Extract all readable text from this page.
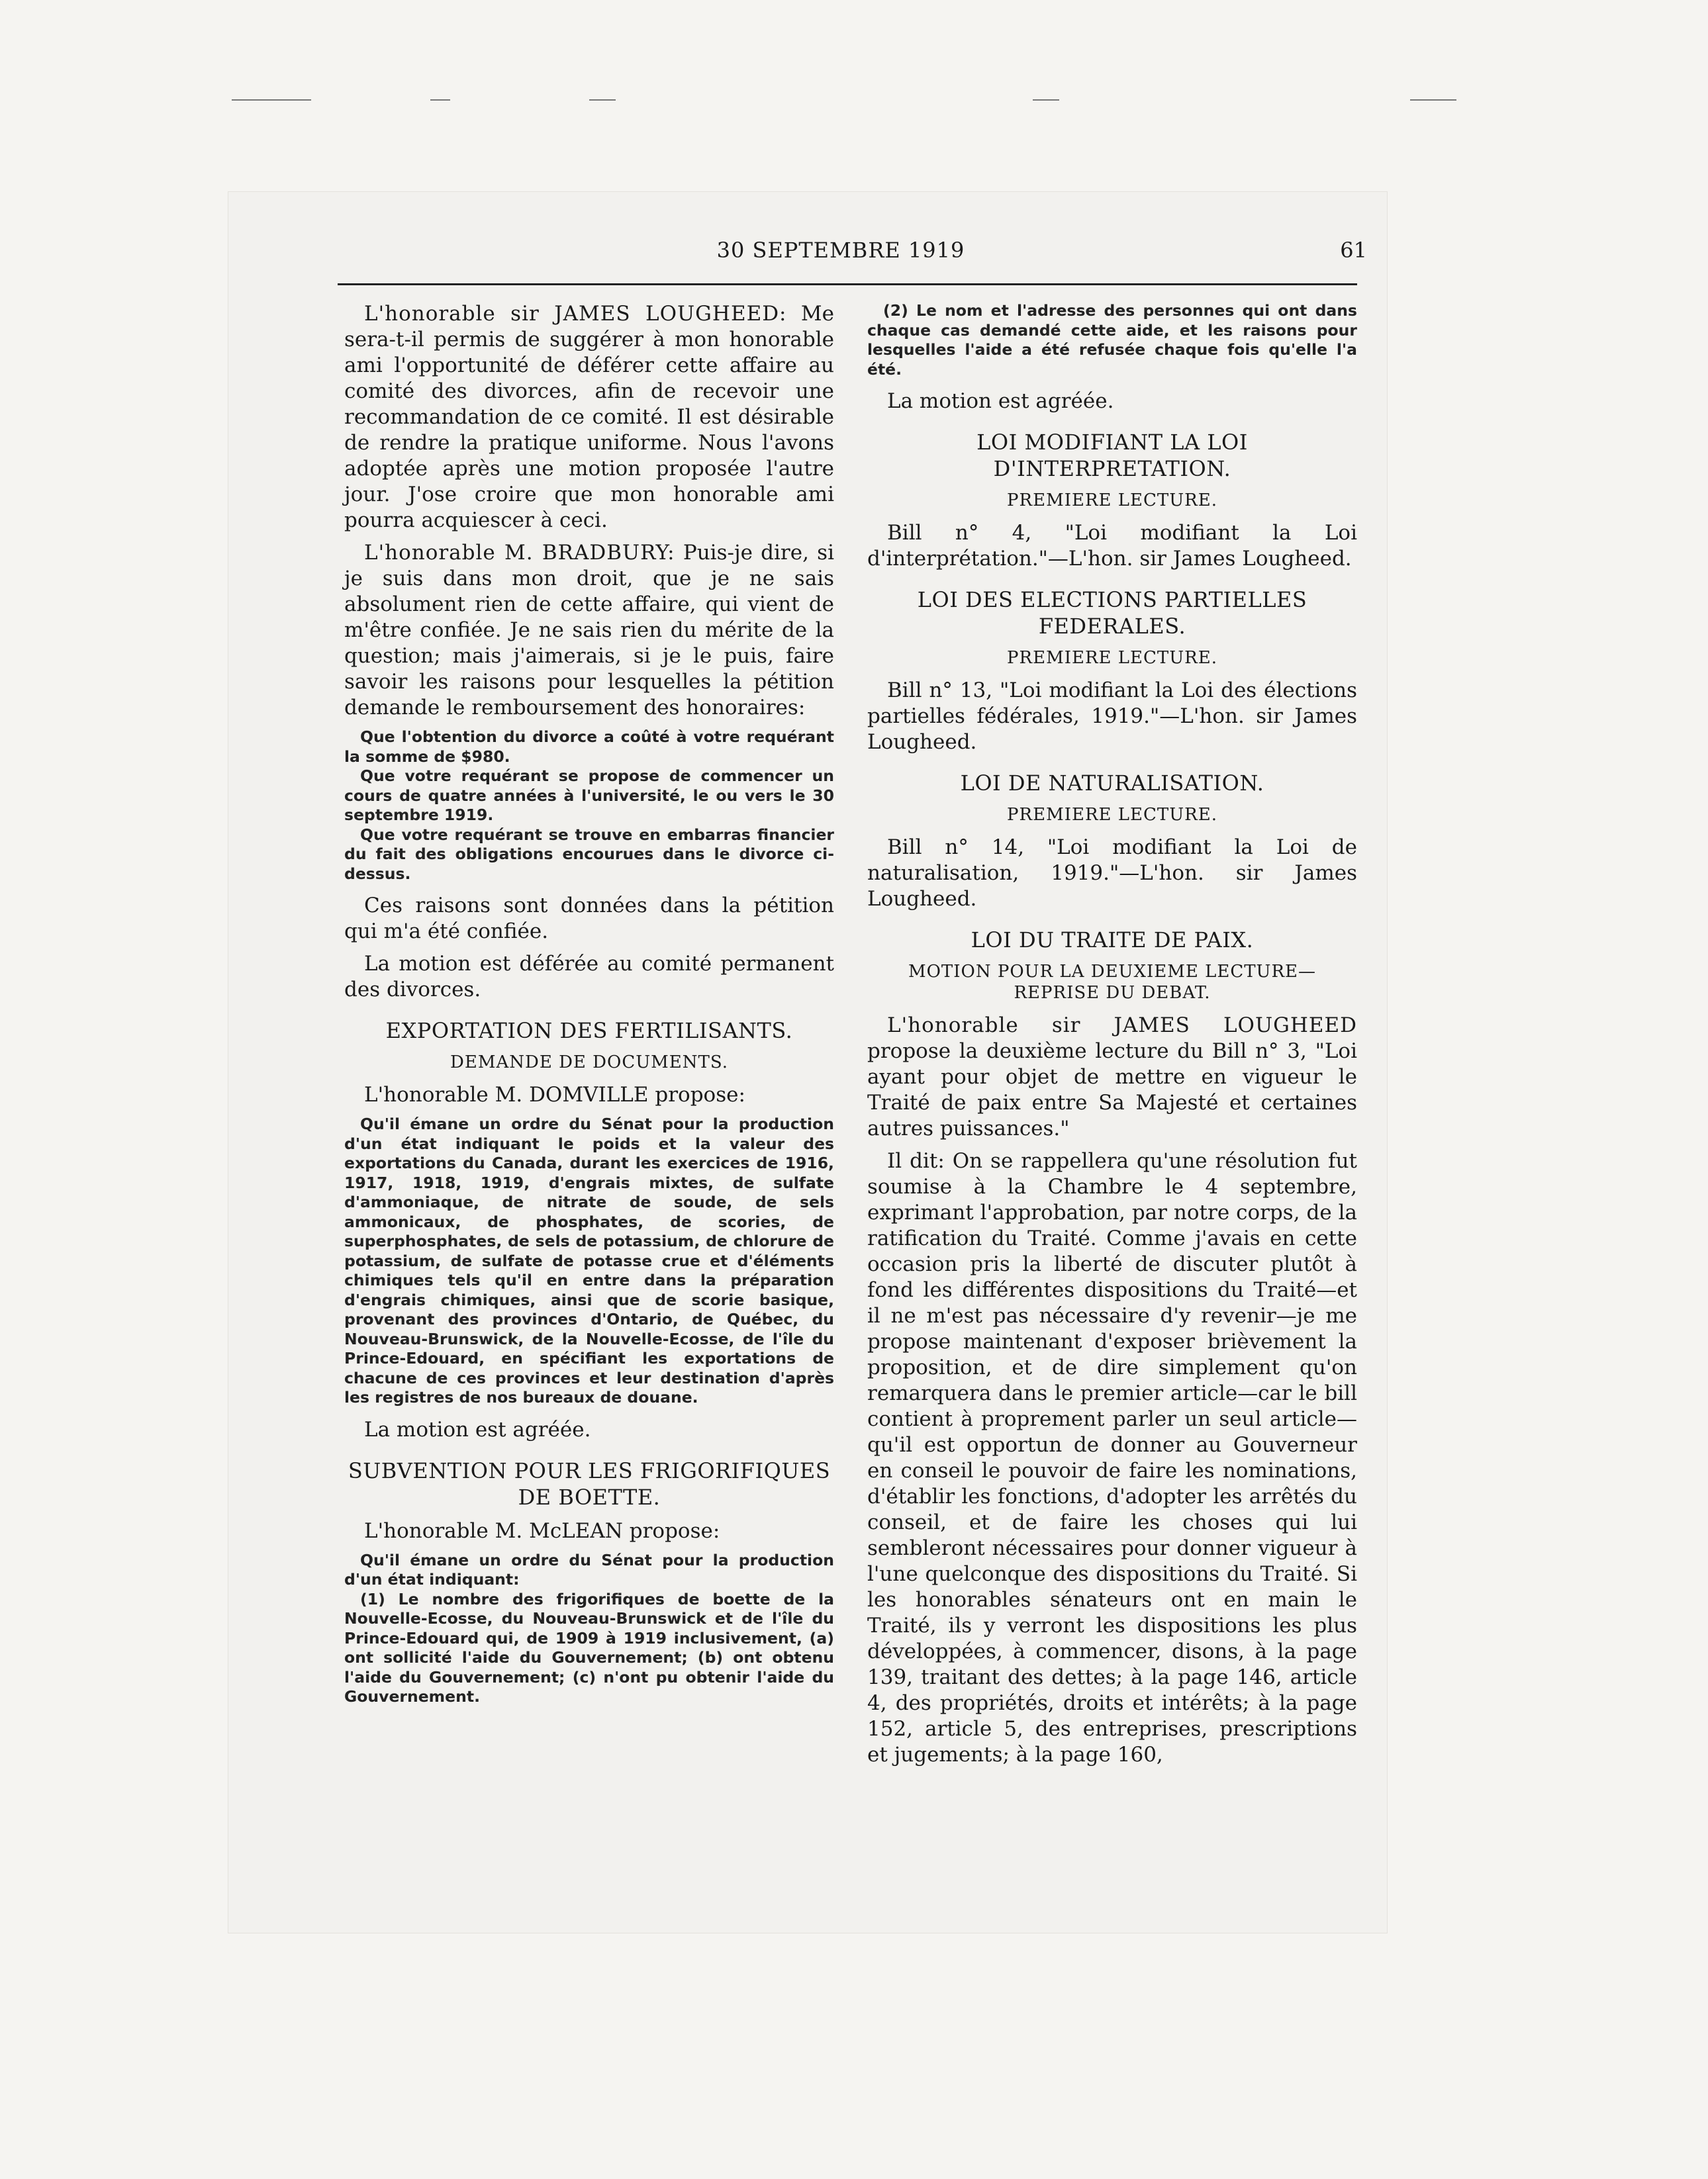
30 SEPTEMBRE 1919	61

L'honorable sir JAMES LOUGHEED: Me sera-t-il permis de suggérer à mon honorable ami l'opportunité de déférer cette affaire au comité des divorces, afin de recevoir une recommandation de ce comité. Il est désirable de rendre la pratique uniforme. Nous l'avons adoptée après une motion proposée l'autre jour. J'ose croire que mon honorable ami pourra acquiescer à ceci.

L'honorable M. BRADBURY: Puis-je dire, si je suis dans mon droit, que je ne sais absolument rien de cette affaire, qui vient de m'être confiée. Je ne sais rien du mérite de la question; mais j'aimerais, si je le puis, faire savoir les raisons pour lesquelles la pétition demande le remboursement des honoraires:

Que l'obtention du divorce a coûté à votre requérant la somme de $980.

Que votre requérant se propose de commencer un cours de quatre années à l'université, le ou vers le 30 septembre 1919.

Que votre requérant se trouve en embarras financier du fait des obligations encourues dans le divorce ci-dessus.

Ces raisons sont données dans la pétition qui m'a été confiée.

La motion est déférée au comité permanent des divorces.

EXPORTATION DES FERTILISANTS.

DEMANDE DE DOCUMENTS.

L'honorable M. DOMVILLE propose:

Qu'il émane un ordre du Sénat pour la production d'un état indiquant le poids et la valeur des exportations du Canada, durant les exercices de 1916, 1917, 1918, 1919, d'engrais mixtes, de sulfate d'ammoniaque, de nitrate de soude, de sels ammonicaux, de phosphates, de scories, de superphosphates, de sels de potassium, de chlorure de potassium, de sulfate de potasse crue et d'éléments chimiques tels qu'il en entre dans la préparation d'engrais chimiques, ainsi que de scorie basique, provenant des provinces d'Ontario, de Québec, du Nouveau-Brunswick, de la Nouvelle-Ecosse, de l'île du Prince-Edouard, en spécifiant les exportations de chacune de ces provinces et leur destination d'après les registres de nos bureaux de douane.

La motion est agréée.

SUBVENTION POUR LES FRIGORIFIQUES DE BOETTE.

L'honorable M. McLEAN propose:

Qu'il émane un ordre du Sénat pour la production d'un état indiquant:

(1) Le nombre des frigorifiques de boette de la Nouvelle-Ecosse, du Nouveau-Brunswick et de l'île du Prince-Edouard qui, de 1909 à 1919 inclusivement, (a) ont sollicité l'aide du Gouvernement; (b) ont obtenu l'aide du Gouvernement; (c) n'ont pu obtenir l'aide du Gouvernement.

(2) Le nom et l'adresse des personnes qui ont dans chaque cas demandé cette aide, et les raisons pour lesquelles l'aide a été refusée chaque fois qu'elle l'a été.

La motion est agréée.

LOI MODIFIANT LA LOI D'INTERPRETATION.

PREMIERE LECTURE.

Bill n° 4, "Loi modifiant la Loi d'interprétation."—L'hon. sir James Lougheed.

LOI DES ELECTIONS PARTIELLES FEDERALES.

PREMIERE LECTURE.

Bill n° 13, "Loi modifiant la Loi des élections partielles fédérales, 1919."—L'hon. sir James Lougheed.

LOI DE NATURALISATION.

PREMIERE LECTURE.

Bill n° 14, "Loi modifiant la Loi de naturalisation, 1919."—L'hon. sir James Lougheed.

LOI DU TRAITE DE PAIX.

MOTION POUR LA DEUXIEME LECTURE— REPRISE DU DEBAT.

L'honorable sir JAMES LOUGHEED propose la deuxième lecture du Bill n° 3, "Loi ayant pour objet de mettre en vigueur le Traité de paix entre Sa Majesté et certaines autres puissances."

Il dit: On se rappellera qu'une résolution fut soumise à la Chambre le 4 septembre, exprimant l'approbation, par notre corps, de la ratification du Traité. Comme j'avais en cette occasion pris la liberté de discuter plutôt à fond les différentes dispositions du Traité—et il ne m'est pas nécessaire d'y revenir—je me propose maintenant d'exposer brièvement la proposition, et de dire simplement qu'on remarquera dans le premier article—car le bill contient à proprement parler un seul article—qu'il est opportun de donner au Gouverneur en conseil le pouvoir de faire les nominations, d'établir les fonctions, d'adopter les arrêtés du conseil, et de faire les choses qui lui sembleront nécessaires pour donner vigueur à l'une quelconque des dispositions du Traité. Si les honorables sénateurs ont en main le Traité, ils y verront les dispositions les plus développées, à commencer, disons, à la page 139, traitant des dettes; à la page 146, article 4, des propriétés, droits et intérêts; à la page 152, article 5, des entreprises, prescriptions et jugements; à la page 160,
